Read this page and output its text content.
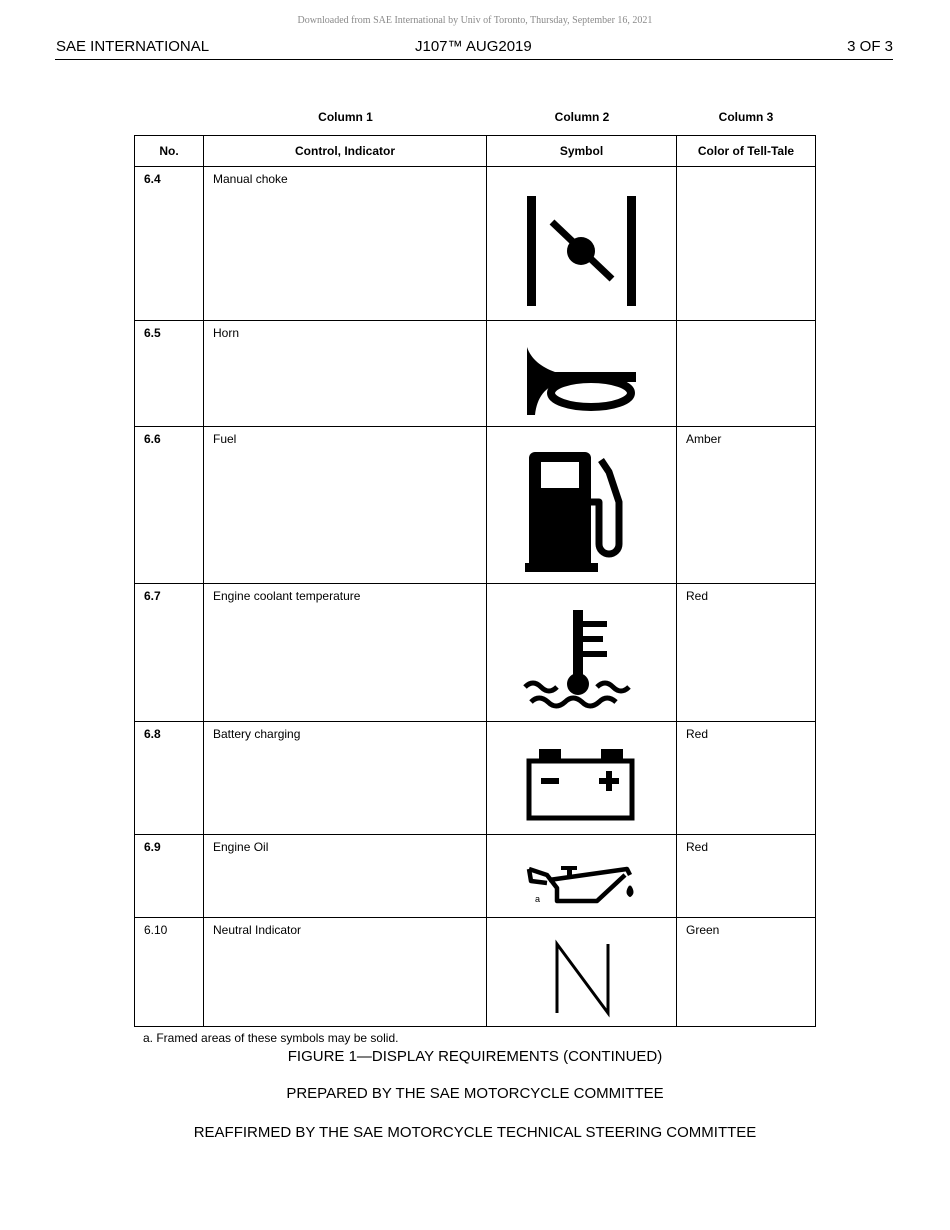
Downloaded from SAE International by Univ of Toronto, Thursday, September 16, 2021
SAE INTERNATIONAL	J107™ AUG2019	3 OF 3
Column 1	Column 2	Column 3
No.	Control, Indicator	Symbol	Color of Tell-Tale
6.4	Manual choke	

6.5	Horn	

6.6	Fuel		Amber
6.7	Engine coolant temperature		Red
6.8	Battery charging		Red
6.9	Engine Oil	a	Red
6.10	Neutral Indicator		Green
a. Framed areas of these symbols may be solid.
FIGURE 1—DISPLAY REQUIREMENTS (CONTINUED)
PREPARED BY THE SAE MOTORCYCLE COMMITTEE
REAFFIRMED BY THE SAE MOTORCYCLE TECHNICAL STEERING COMMITTEE
